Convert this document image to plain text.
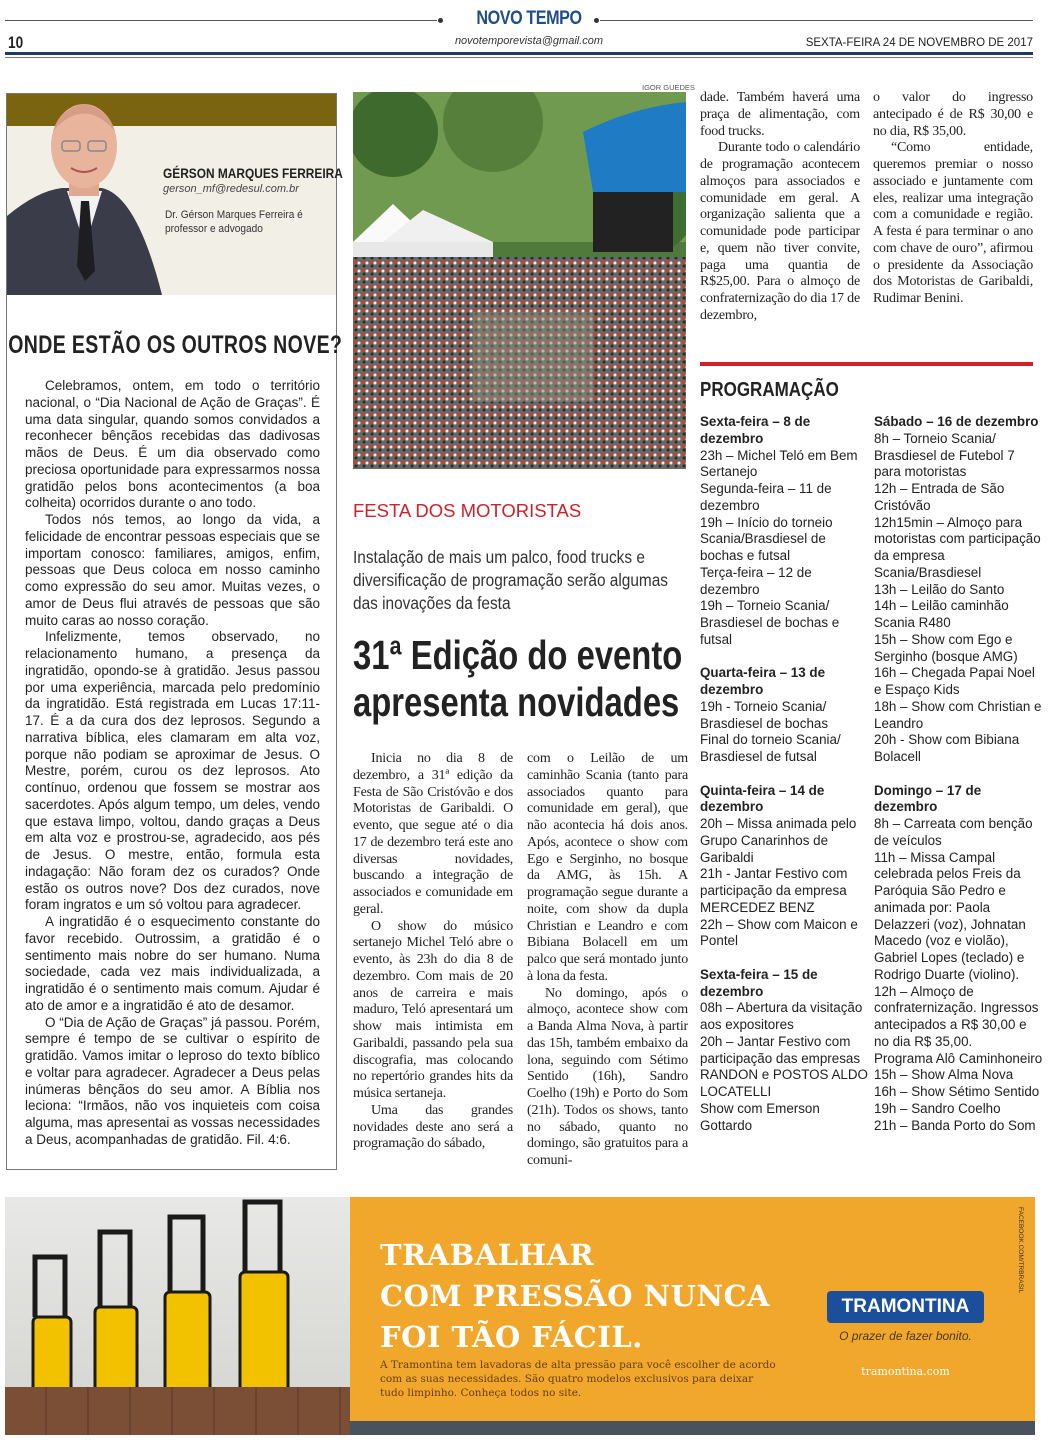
NOVO TEMPO
10	novotemporevista@gmail.com	SEXTA-FEIRA 24 DE NOVEMBRO DE 2017
GÉRSON MARQUES FERREIRA
gerson_mf@redesul.com.br
Dr. Gérson Marques Ferreira é professor e advogado
ONDE ESTÃO OS OUTROS NOVE?

Celebramos, ontem, em todo o território nacional, o “Dia Nacional de Ação de Graças”. É uma data singular, quando somos convidados a reconhecer bênçãos recebidas das dadivosas mãos de Deus. É um dia observado como preciosa oportunidade para expressarmos nossa gratidão pelos bons acontecimentos (a boa colheita) ocorridos durante o ano todo.

Todos nós temos, ao longo da vida, a felicidade de encontrar pessoas especiais que se importam conosco: familiares, amigos, enfim, pessoas que Deus coloca em nosso caminho como expressão do seu amor. Muitas vezes, o amor de Deus flui através de pessoas que são muito caras ao nosso coração.

Infelizmente, temos observado, no relacionamento humano, a presença da ingratidão, opondo-se à gratidão. Jesus passou por uma experiência, marcada pelo predomínio da ingratidão. Está registrada em Lucas 17:11-17. É a da cura dos dez leprosos. Segundo a narrativa bíblica, eles clamaram em alta voz, porque não podiam se aproximar de Jesus. O Mestre, porém, curou os dez leprosos. Ato contínuo, ordenou que fossem se mostrar aos sacerdotes. Após algum tempo, um deles, vendo que estava limpo, voltou, dando graças a Deus em alta voz e prostrou-se, agradecido, aos pés de Jesus. O mestre, então, formula esta indagação: Não foram dez os curados? Onde estão os outros nove? Dos dez curados, nove foram ingratos e um só voltou para agradecer.

A ingratidão é o esquecimento constante do favor recebido. Outrossim, a gratidão é o sentimento mais nobre do ser humano. Numa sociedade, cada vez mais individualizada, a ingratidão é o sentimento mais comum. Ajudar é ato de amor e a ingratidão é ato de desamor.

O “Dia de Ação de Graças” já passou. Porém, sempre é tempo de se cultivar o espírito de gratidão. Vamos imitar o leproso do texto bíblico e voltar para agradecer. Agradecer a Deus pelas inúmeras bênçãos do seu amor. A Bíblia nos leciona: “Irmãos, não vos inquieteis com coisa alguma, mas apresentai as vossas necessidades a Deus, acompanhadas de gratidão. Fil. 4:6.

IGOR GUEDES
FESTA DOS MOTORISTAS
Instalação de mais um palco, food trucks e diversificação de programação serão algumas das inovações da festa
31ª Edição do evento apresenta novidades

Inicia no dia 8 de dezembro, a 31ª edição da Festa de São Cristóvão e dos Motoristas de Garibaldi. O evento, que segue até o dia 17 de dezembro terá este ano diversas novidades, buscando a integração de associados e comunidade em geral.

O show do músico sertanejo Michel Teló abre o evento, às 23h do dia 8 de dezembro. Com mais de 20 anos de carreira e mais maduro, Teló apresentará um show mais intimista em Garibaldi, passando pela sua discografia, mas colocando no repertório grandes hits da música sertaneja.

Uma das grandes novidades deste ano será a programação do sábado,

com o Leilão de um caminhão Scania (tanto para associados quanto para comunidade em geral), que não acontecia há dois anos. Após, acontece o show com Ego e Serginho, no bosque da AMG, às 15h. A programação segue durante a noite, com show da dupla Christian e Leandro e com Bibiana Bolacell em um palco que será montado junto à lona da festa.

No domingo, após o almoço, acontece show com a Banda Alma Nova, à partir das 15h, também embaixo da lona, seguindo com Sétimo Sentido (16h), Sandro Coelho (19h) e Porto do Som (21h). Todos os shows, tanto no sábado, quanto no domingo, são gratuitos para a comuni-

dade. Também haverá uma praça de alimentação, com food trucks.

Durante todo o calendário de programação acontecem almoços para associados e comunidade em geral. A organização salienta que a comunidade pode participar e, quem não tiver convite, paga uma quantia de R$25,00. Para o almoço de confraternização do dia 17 de dezembro,

o valor do ingresso antecipado é de R$ 30,00 e no dia, R$ 35,00.

“Como entidade, queremos premiar o nosso associado e juntamente com eles, realizar uma integração com a comunidade e região. A festa é para terminar o ano com chave de ouro”, afirmou o presidente da Associação dos Motoristas de Garibaldi, Rudimar Benini.

PROGRAMAÇÃO
Sexta-feira – 8 de dezembro
23h – Michel Teló em Bem Sertanejo
Segunda-feira – 11 de dezembro
19h – Início do torneio Scania/Brasdiesel de bochas e futsal
Terça-feira – 12 de dezembro
19h – Torneio Scania/ Brasdiesel de bochas e futsal
Quarta-feira – 13 de dezembro
19h - Torneio Scania/ Brasdiesel de bochas
Final do torneio Scania/ Brasdiesel de futsal
Quinta-feira – 14 de dezembro
20h – Missa animada pelo Grupo Canarinhos de Garibaldi
21h - Jantar Festivo com participação da empresa MERCEDEZ BENZ
22h – Show com Maicon e Pontel
Sexta-feira – 15 de dezembro
08h – Abertura da visitação aos expositores
20h – Jantar Festivo com participação das empresas RANDON e POSTOS ALDO LOCATELLI
Show com Emerson Gottardo
Sábado – 16 de dezembro
8h – Torneio Scania/ Brasdiesel de Futebol 7 para motoristas
12h – Entrada de São Cristóvão
12h15min – Almoço para motoristas com participação da empresa Scania/Brasdiesel
13h – Leilão do Santo
14h – Leilão caminhão Scania R480
15h – Show com Ego e Serginho (bosque AMG)
16h – Chegada Papai Noel e Espaço Kids
18h – Show com Christian e Leandro
20h - Show com Bibiana Bolacell
Domingo – 17 de dezembro
8h – Carreata com benção de veículos
11h – Missa Campal celebrada pelos Freis da Paróquia São Pedro e animada por: Paola Delazzeri (voz), Johnatan Macedo (voz e violão), Gabriel Lopes (teclado) e Rodrigo Duarte (violino).
12h – Almoço de confraternização. Ingressos antecipados a R$ 30,00 e no dia R$ 35,00.
Programa Alô Caminhoneiro
15h – Show Alma Nova
16h – Show Sétimo Sentido
19h – Sandro Coelho
21h – Banda Porto do Som
TRABALHAR
COM PRESSÃO NUNCA
FOI TÃO FÁCIL.
A Tramontina tem lavadoras de alta pressão para você escolher de acordo com as suas necessidades. São quatro modelos exclusivos para deixar tudo limpinho. Conheça todos no site.
TRAMONTINA
O prazer de fazer bonito.
tramontina.com
FACEBOOK.COM/TRBRASIL
